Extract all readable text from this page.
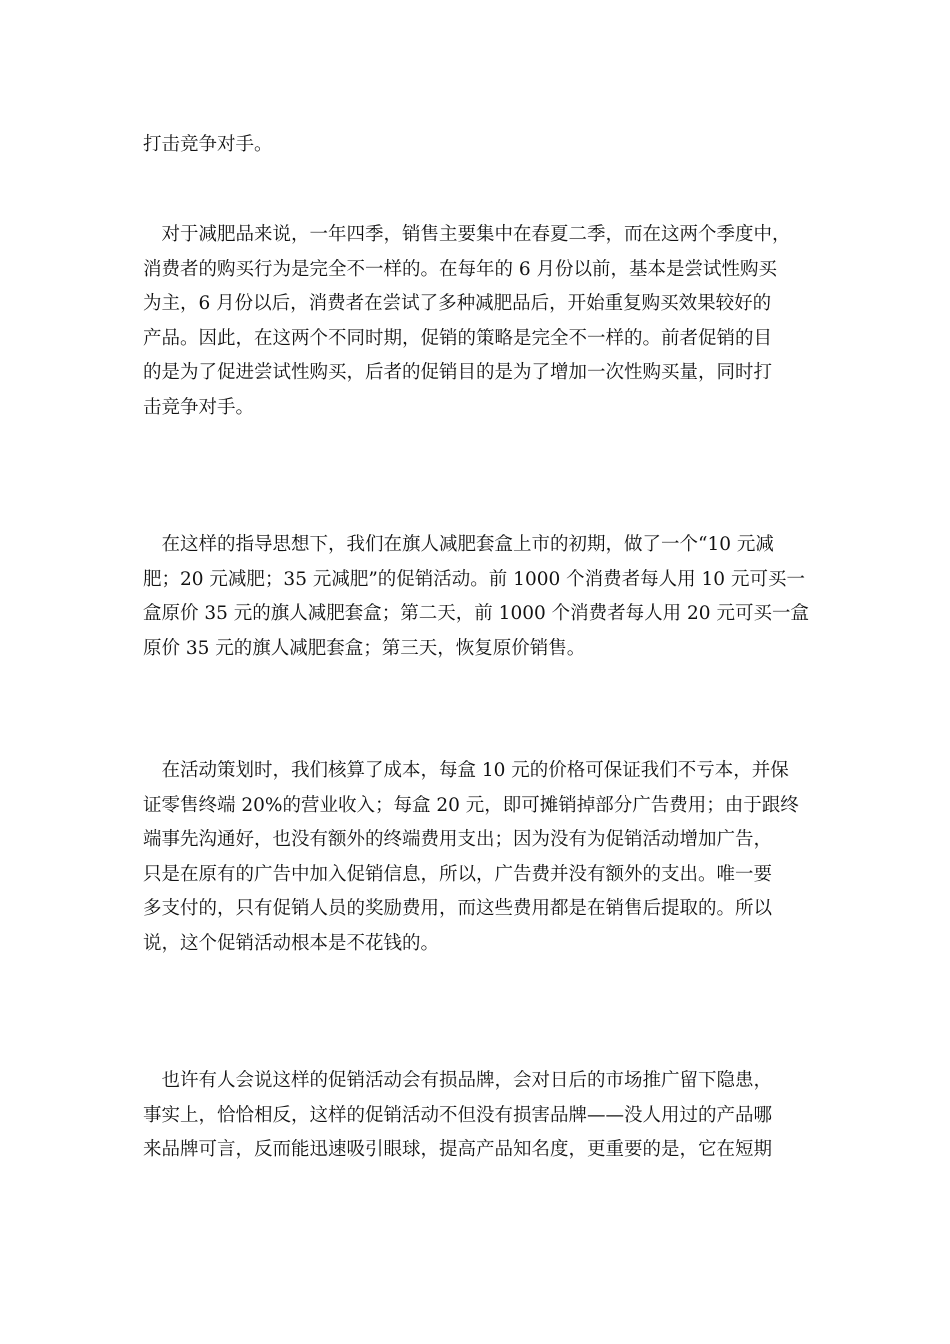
打击竞争对手。
　对于减肥品来说，一年四季，销售主要集中在春夏二季，而在这两个季度中，
消费者的购买行为是完全不一样的。在每年的 6 月份以前，基本是尝试性购买
为主，6 月份以后，消费者在尝试了多种减肥品后，开始重复购买效果较好的
产品。因此，在这两个不同时期，促销的策略是完全不一样的。前者促销的目
的是为了促进尝试性购买，后者的促销目的是为了增加一次性购买量，同时打
击竞争对手。
　在这样的指导思想下，我们在旗人减肥套盒上市的初期，做了一个“10 元减
肥；20 元减肥；35 元减肥”的促销活动。前 1000 个消费者每人用 10 元可买一
盒原价 35 元的旗人减肥套盒；第二天，前 1000 个消费者每人用 20 元可买一盒
原价 35 元的旗人减肥套盒；第三天，恢复原价销售。
　在活动策划时，我们核算了成本，每盒 10 元的价格可保证我们不亏本，并保
证零售终端 20%的营业收入；每盒 20 元，即可摊销掉部分广告费用；由于跟终
端事先沟通好，也没有额外的终端费用支出；因为没有为促销活动增加广告，
只是在原有的广告中加入促销信息，所以，广告费并没有额外的支出。唯一要
多支付的，只有促销人员的奖励费用，而这些费用都是在销售后提取的。所以
说，这个促销活动根本是不花钱的。
　也许有人会说这样的促销活动会有损品牌，会对日后的市场推广留下隐患，
事实上，恰恰相反，这样的促销活动不但没有损害品牌——没人用过的产品哪
来品牌可言，反而能迅速吸引眼球，提高产品知名度，更重要的是，它在短期
